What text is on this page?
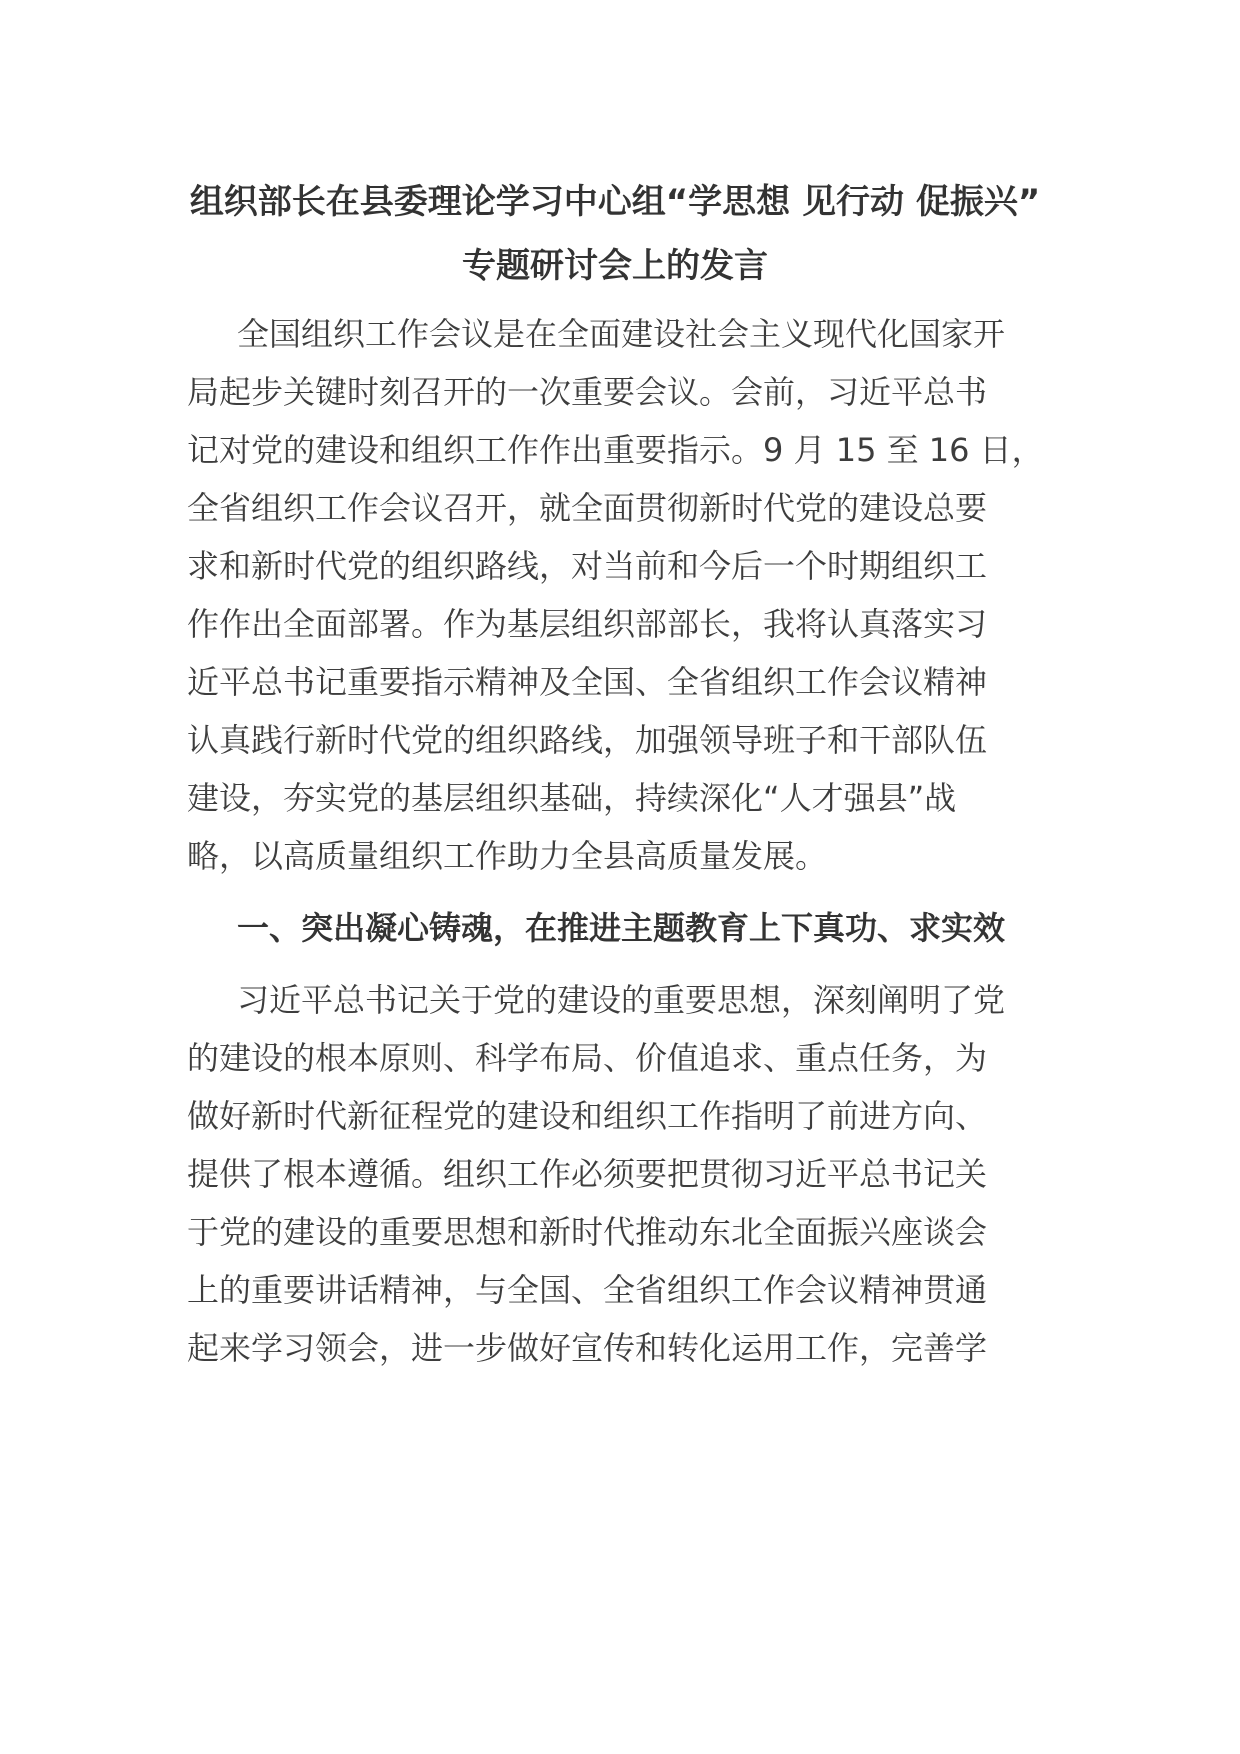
组织部长在县委理论学习中心组“学思想 见行动 促振兴”
专题研讨会上的发言
全国组织工作会议是在全面建设社会主义现代化国家开
局起步关键时刻召开的一次重要会议。会前，习近平总书
记对党的建设和组织工作作出重要指示。9 月 15 至 16 日，
全省组织工作会议召开，就全面贯彻新时代党的建设总要
求和新时代党的组织路线，对当前和今后一个时期组织工
作作出全面部署。作为基层组织部部长，我将认真落实习
近平总书记重要指示精神及全国、全省组织工作会议精神
认真践行新时代党的组织路线，加强领导班子和干部队伍
建设，夯实党的基层组织基础，持续深化“人才强县”战
略，以高质量组织工作助力全县高质量发展。
一、突出凝心铸魂，在推进主题教育上下真功、求实效
习近平总书记关于党的建设的重要思想，深刻阐明了党
的建设的根本原则、科学布局、价值追求、重点任务，为
做好新时代新征程党的建设和组织工作指明了前进方向、
提供了根本遵循。组织工作必须要把贯彻习近平总书记关
于党的建设的重要思想和新时代推动东北全面振兴座谈会
上的重要讲话精神，与全国、全省组织工作会议精神贯通
起来学习领会，进一步做好宣传和转化运用工作，完善学
